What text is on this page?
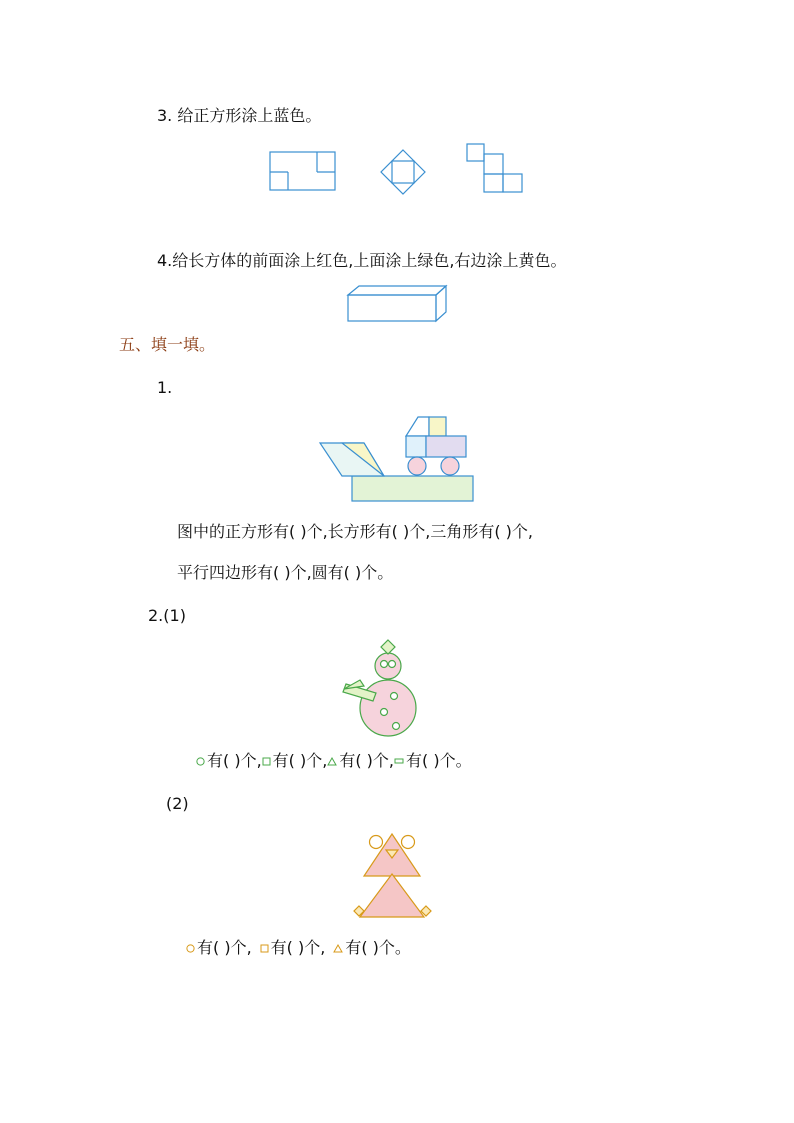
3. 给正方形涂上蓝色。
4.给长方体的前面涂上红色,上面涂上绿色,右边涂上黄色。
五、填一填。
1.
图中的正方形有( )个,长方形有( )个,三角形有( )个,
平行四边形有( )个,圆有( )个。
2.(1)
有( )个, 有( )个, 有( )个, 有( )个。
(2)
有( )个, 有( )个, 有( )个。
